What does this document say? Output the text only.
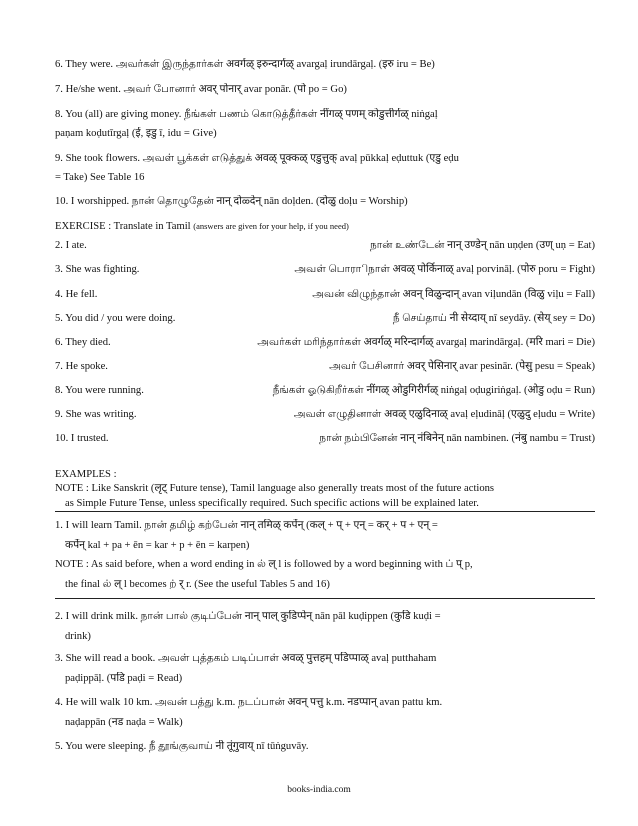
6. They were. அவர்கள் இருந்தார்கள் अवर्गळ् इरुन्दार्गळ् avargaḷ irundārgaḷ. (इरु iru = Be)
7. He/she went. அவர் போனார் अवर् पोनार् avar ponār. (पो po = Go)
8. You (all) are giving money. நீங்கள் பணம் கொடுத்தீர்கள் नींगळ् पणम् कोडुत्तीर्गळ् niṅgaḷ
paṇam koḍutīrgaḷ (ई, इडु ī, idu = Give)
9. She took flowers. அவள் பூக்கள் எடுத்துக் अवळ् पूक्कळ् एडुत्तुक् avaḷ pūkkaḷ eḍuttuk (एडु eḍu
= Take) See Table 16
10. I worshipped. நான் தொழுதேன் नान् दोळ्देन् nān doḷden. (दोळु doḷu = Worship)
EXERCISE : Translate in Tamil (answers are given for your help, if you need)
2. I ate.	நான் உண்டேன் नान् उण्डेन् nān uṇḍen (उण् uṇ = Eat)
3. She was fighting.	அவள் பொராிநாள் अवळ् पोर्किनाळ् avaḷ porvināḷ. (पोरु poru = Fight)
4. He fell.	அவன் விழுந்தான் अवन् विळुन्दान् avan viḷundān (विळु viḷu = Fall)
5. You did / you were doing.	நீ செய்தாய் नी सेय्दाय् nī seydāy. (सेय् sey = Do)
6. They died.	அவர்கள் மரிந்தார்கள் अवर्गळ् मरिन्दार्गळ् avargaḷ marindārgaḷ. (मरि mari = Die)
7. He spoke.	அவர் பேசினார் अवर् पेसिनार् avar pesinār. (पेसु pesu = Speak)
8. You were running.	நீங்கள் ஓடுகிறீர்கள் नींगळ् ओडुगिरीर्गळ् niṅgaḷ oḍugiriṅgaḷ. (ओडु oḍu = Run)
9. She was writing.	அவள் எழுதினாள் अवळ् एळुदिनाळ् avaḷ eḷudināḷ (एळुदु eḷudu = Write)
10. I trusted.	நான் நம்பினேன் नान् नंबिनेन् nān nambinen. (नंबु nambu = Trust)
EXAMPLES :
NOTE : Like Sanskrit (लृट् Future tense), Tamil language also generally treats most of the future actions
as Simple Future Tense, unless specifically required. Such specific actions will be explained later.
1. I will learn Tamil. நான் தமிழ் கற்பேன் नान् तमिळ् कर्पेन् (कल् + प् + एन् = कर् + प + एन् =
कर्पेन् kal + pa + ēn = kar + p + ēn = karpen)
NOTE : As said before, when a word ending in ல் ल् l is followed by a word beginning with ப் प् p,
the final ல் ल् l becomes ற் र् r. (See the useful Tables 5 and 16)
2. I will drink milk. நான் பால் குடிப்பேன் नान् पाल् कुडिप्पेन् nān pāl kuḍippen (कुडि kuḍi =
drink)
3. She will read a book. அவள் புத்தகம் படிப்பாள் अवळ् पुत्तहम् पडिप्पाळ् avaḷ putthaham
paḍippāḷ. (पडि paḍi = Read)
4. He will walk 10 km. அவன் பத்து k.m. நடப்பான் अवन् पत्तु k.m. नडप्पान् avan pattu km.
naḍappān (नड naḍa = Walk)
5. You were sleeping. நீ தூங்குவாய் नी तूंगुवाय् nī tūṅguvāy.
books-india.com
